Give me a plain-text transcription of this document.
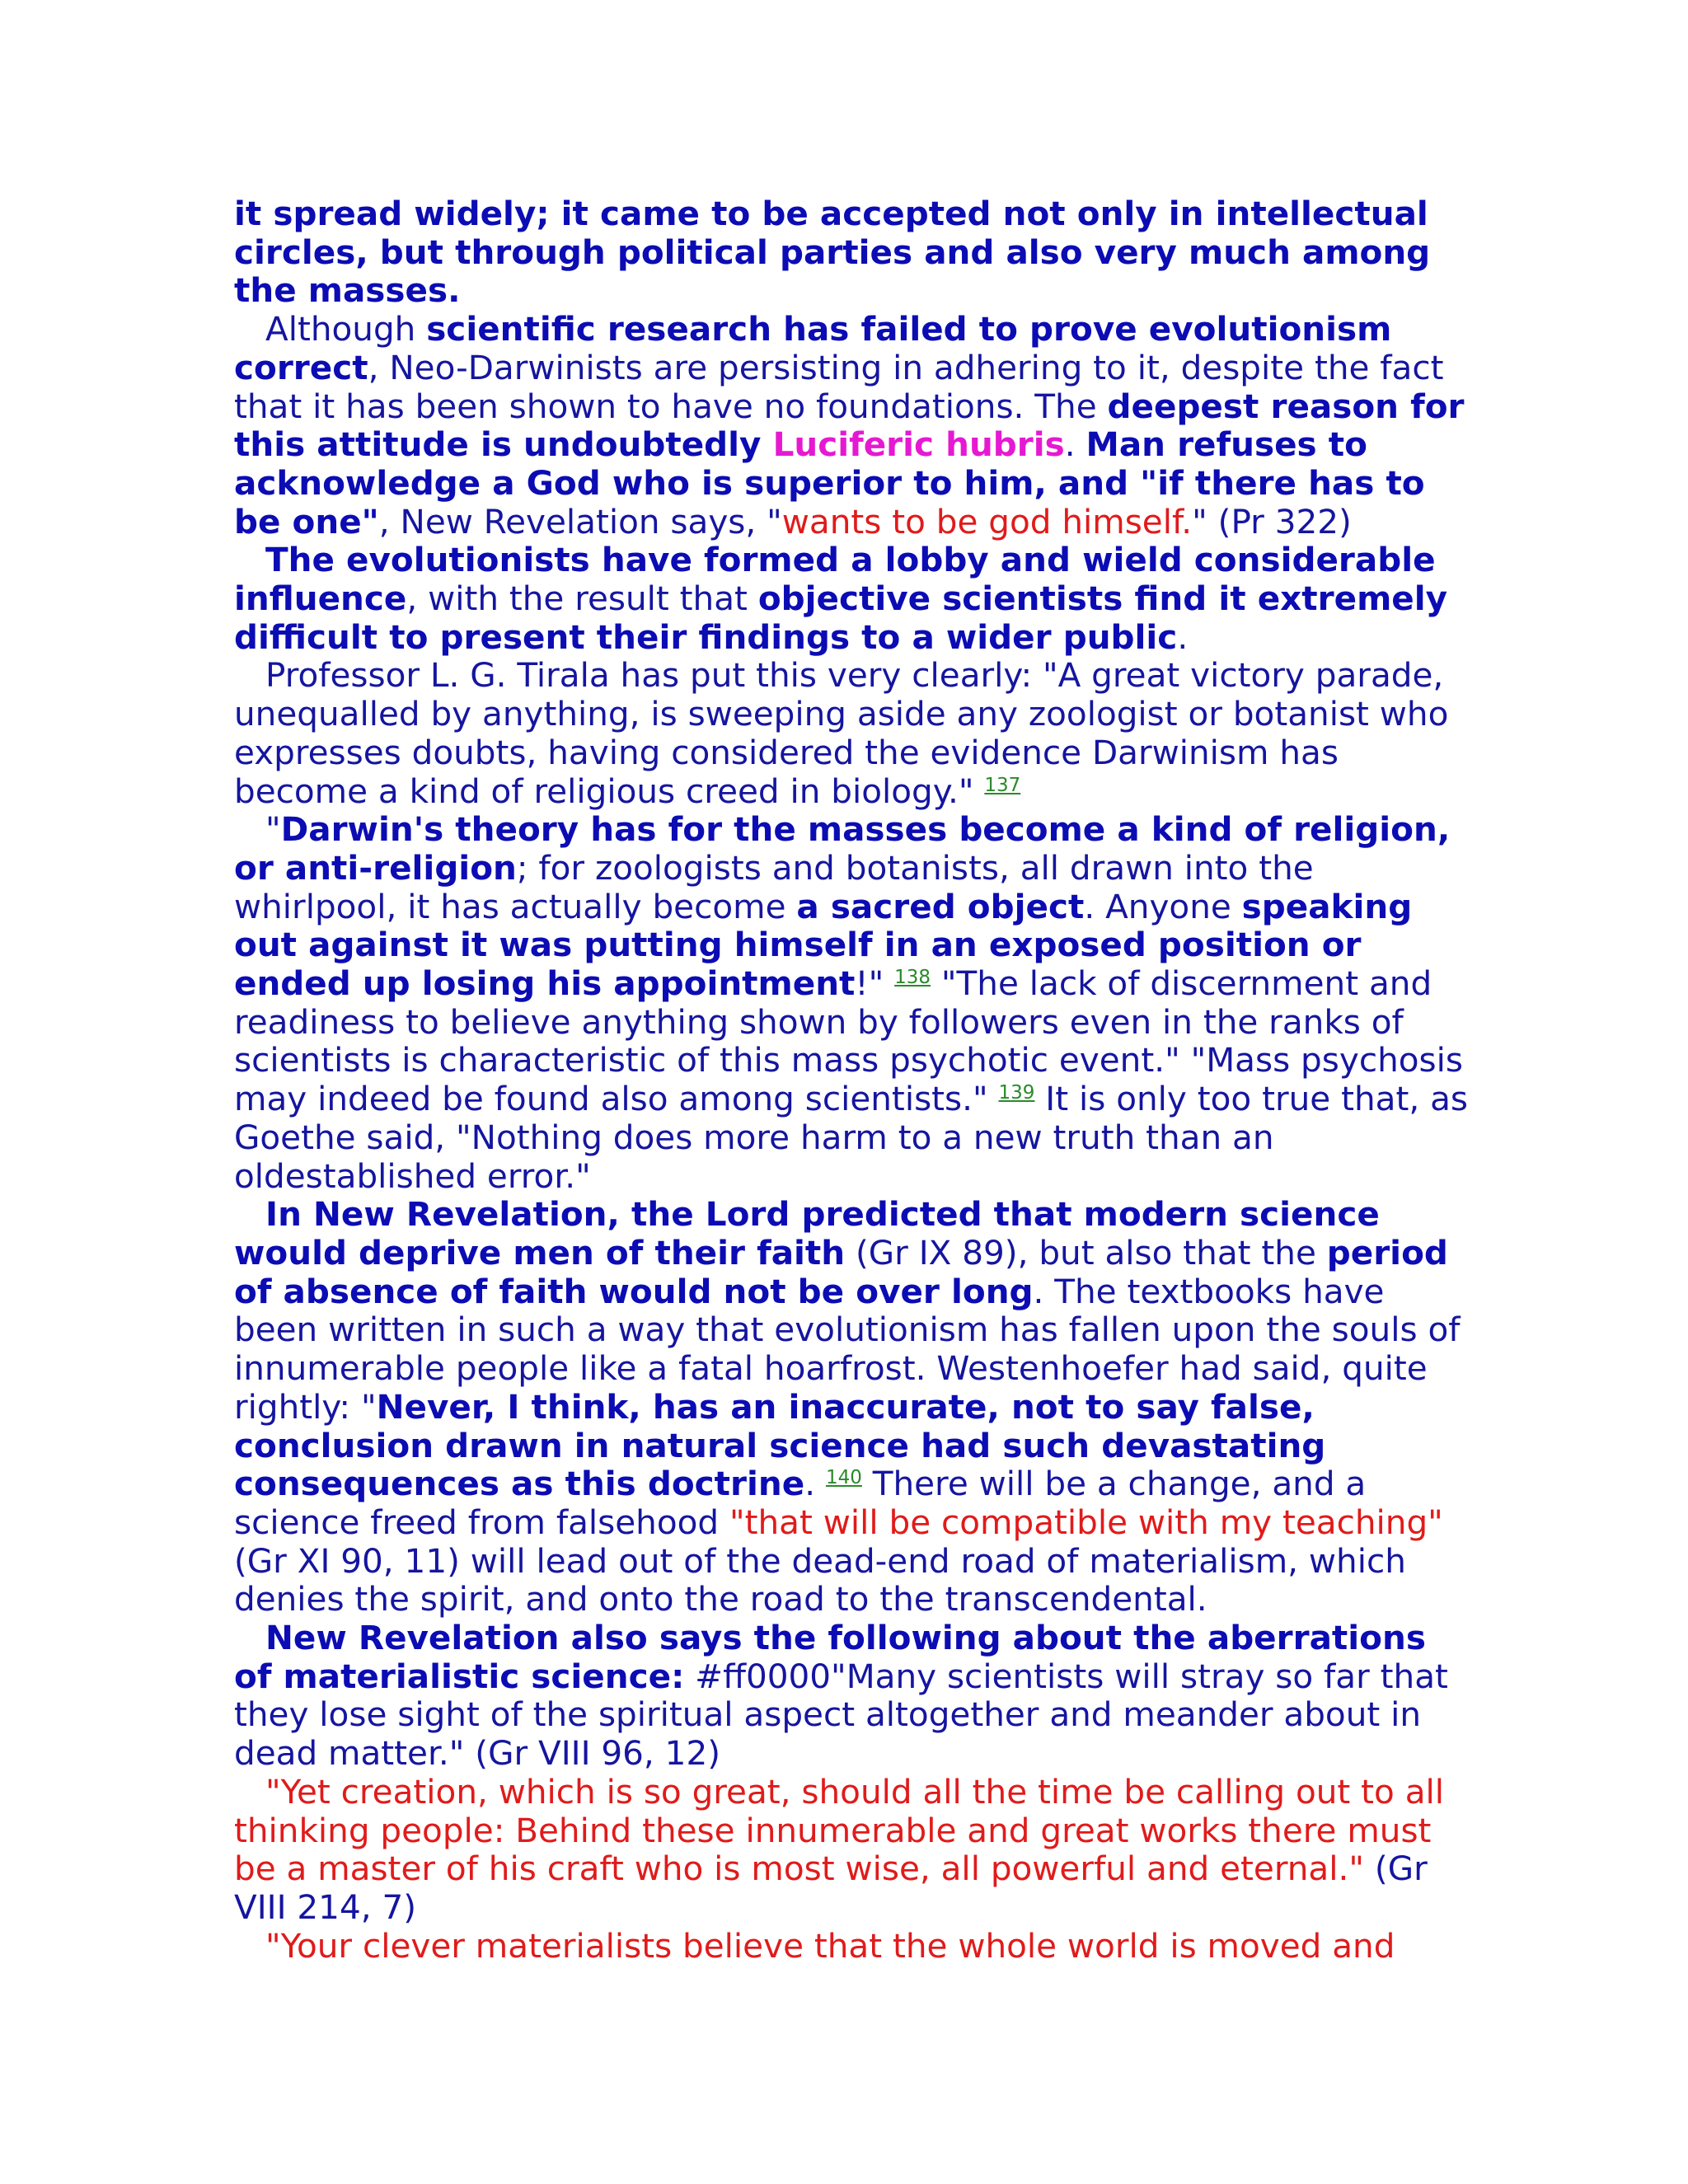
it spread widely; it came to be accepted not only in intellectual circles, but through political parties and also very much among the masses.

Although scientific research has failed to prove evolutionism correct, Neo-Darwinists are persisting in adhering to it, despite the fact that it has been shown to have no foundations. The deepest reason for this attitude is undoubtedly Luciferic hubris. Man refuses to acknowledge a God who is superior to him, and "if there has to be one", New Revelation says, "wants to be god himself." (Pr 322)

The evolutionists have formed a lobby and wield considerable influence, with the result that objective scientists find it extremely difficult to present their findings to a wider public.

Professor L. G. Tirala has put this very clearly: "A great victory parade, unequalled by anything, is sweeping aside any zoologist or botanist who expresses doubts, having considered the evidence Darwinism has become a kind of religious creed in biology." $^{137}$

"Darwin's theory has for the masses become a kind of religion, or anti-religion; for zoologists and botanists, all drawn into the whirlpool, it has actually become a sacred object. Anyone speaking out against it was putting himself in an exposed position or ended up losing his appointment!" $^{138}$ "The lack of discernment and readiness to believe anything shown by followers even in the ranks of scientists is characteristic of this mass psychotic event." "Mass psychosis may indeed be found also among scientists." $^{139}$ It is only too true that, as Goethe said, "Nothing does more harm to a new truth than an oldestablished error."

In New Revelation, the Lord predicted that modern science would deprive men of their faith (Gr IX 89), but also that the period of absence of faith would not be over long. The textbooks have been written in such a way that evolutionism has fallen upon the souls of innumerable people like a fatal hoarfrost. Westenhoefer had said, quite rightly: "Never, I think, has an inaccurate, not to say false, conclusion drawn in natural science had such devastating consequences as this doctrine. $^{140}$ There will be a change, and a science freed from falsehood "that will be compatible with my teaching" (Gr XI 90, 11) will lead out of the dead-end road of materialism, which denies the spirit, and onto the road to the transcendental.

New Revelation also says the following about the aberrations of materialistic science: #ff0000"Many scientists will stray so far that they lose sight of the spiritual aspect altogether and meander about in dead matter." (Gr VIII 96, 12)

"Yet creation, which is so great, should all the time be calling out to all thinking people: Behind these innumerable and great works there must be a master of his craft who is most wise, all powerful and eternal." (Gr VIII 214, 7)

"Your clever materialists believe that the whole world is moved and
